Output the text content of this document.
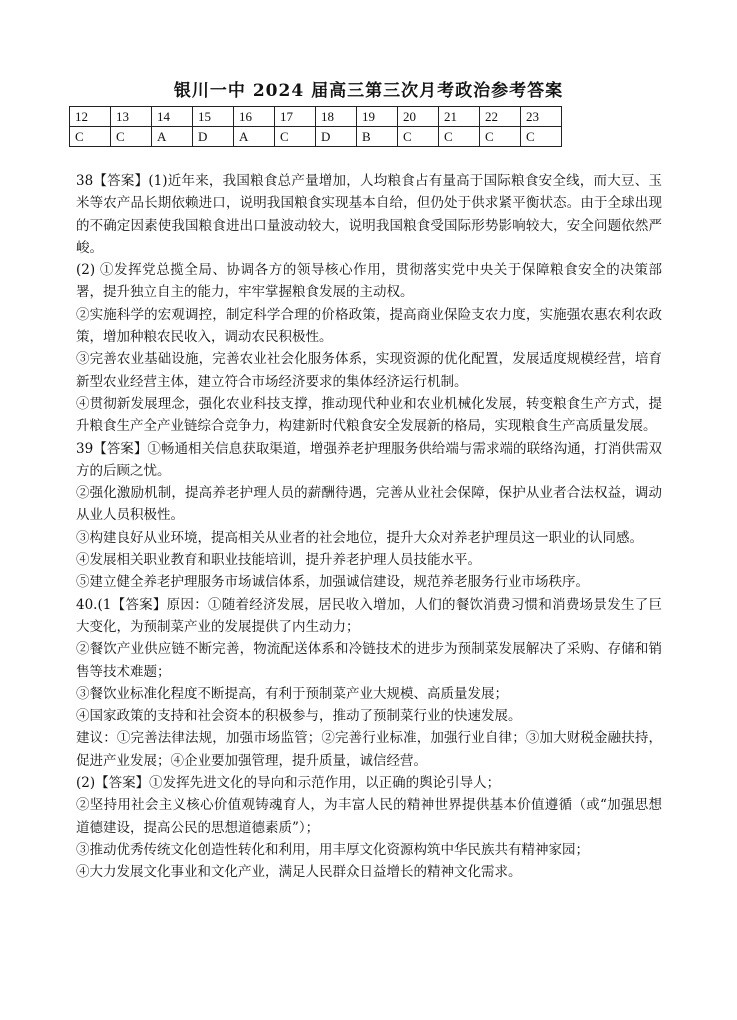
银川一中 2024 届高三第三次月考政治参考答案
12	13	14	15	16	17	18	19	20	21	22	23
C	C	A	D	A	C	D	B	C	C	C	C

38【答案】(1)近年来，我国粮食总产量增加，人均粮食占有量高于国际粮食安全线，而大豆、玉米等农产品长期依赖进口，说明我国粮食实现基本自给，但仍处于供求紧平衡状态。由于全球出现的不确定因素使我国粮食进出口量波动较大，说明我国粮食受国际形势影响较大，安全问题依然严峻。

(2) ①发挥党总揽全局、协调各方的领导核心作用，贯彻落实党中央关于保障粮食安全的决策部署，提升独立自主的能力，牢牢掌握粮食发展的主动权。

②实施科学的宏观调控，制定科学合理的价格政策，提高商业保险支农力度，实施强农惠农利农政策，增加种粮农民收入，调动农民积极性。

③完善农业基础设施，完善农业社会化服务体系，实现资源的优化配置，发展适度规模经营，培育新型农业经营主体，建立符合市场经济要求的集体经济运行机制。

④贯彻新发展理念，强化农业科技支撑，推动现代种业和农业机械化发展，转变粮食生产方式，提升粮食生产全产业链综合竞争力，构建新时代粮食安全发展新的格局，实现粮食生产高质量发展。

39【答案】①畅通相关信息获取渠道，增强养老护理服务供给端与需求端的联络沟通，打消供需双方的后顾之忧。

②强化激励机制，提高养老护理人员的薪酬待遇，完善从业社会保障，保护从业者合法权益，调动从业人员积极性。

③构建良好从业环境，提高相关从业者的社会地位，提升大众对养老护理员这一职业的认同感。

④发展相关职业教育和职业技能培训，提升养老护理人员技能水平。

⑤建立健全养老护理服务市场诚信体系，加强诚信建设，规范养老服务行业市场秩序。

40.(1【答案】原因：①随着经济发展，居民收入增加，人们的餐饮消费习惯和消费场景发生了巨大变化，为预制菜产业的发展提供了内生动力；

②餐饮产业供应链不断完善，物流配送体系和冷链技术的进步为预制菜发展解决了采购、存储和销售等技术难题；

③餐饮业标准化程度不断提高，有利于预制菜产业大规模、高质量发展；

④国家政策的支持和社会资本的积极参与，推动了预制菜行业的快速发展。

建议：①完善法律法规，加强市场监管；②完善行业标准，加强行业自律；③加大财税金融扶持，促进产业发展；④企业要加强管理，提升质量，诚信经营。

(2)【答案】①发挥先进文化的导向和示范作用，以正确的舆论引导人；

②坚持用社会主义核心价值观铸魂育人，为丰富人民的精神世界提供基本价值遵循（或“加强思想道德建设，提高公民的思想道德素质”）；

③推动优秀传统文化创造性转化和利用，用丰厚文化资源构筑中华民族共有精神家园；

④大力发展文化事业和文化产业，满足人民群众日益增长的精神文化需求。
